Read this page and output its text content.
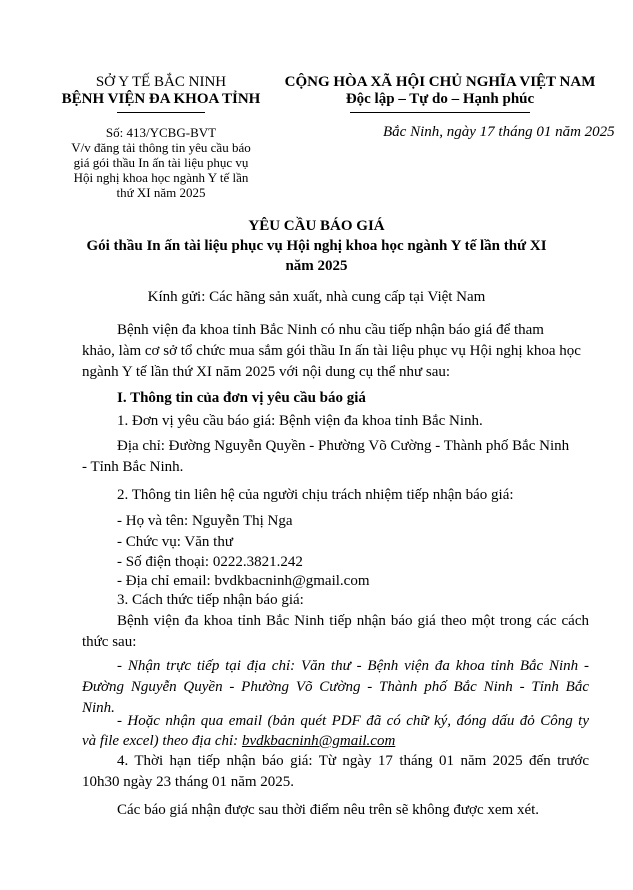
SỞ Y TẾ BẮC NINH
BỆNH VIỆN ĐA KHOA TỈNH
Số: 413/YCBG-BVT
V/v đăng tải thông tin yêu cầu báo
giá gói thầu In ấn tài liệu phục vụ
Hội nghị khoa học ngành Y tế lần
thứ XI năm 2025
CỘNG HÒA XÃ HỘI CHỦ NGHĨA VIỆT NAM
Độc lập – Tự do – Hạnh phúc
Bắc Ninh, ngày 17 tháng 01 năm 2025
YÊU CẦU BÁO GIÁ
Gói thầu In ấn tài liệu phục vụ Hội nghị khoa học ngành Y tế lần thứ XI
năm 2025
Kính gửi: Các hãng sản xuất, nhà cung cấp tại Việt Nam
Bệnh viện đa khoa tỉnh Bắc Ninh có nhu cầu tiếp nhận báo giá để tham
khảo, làm cơ sở tổ chức mua sắm gói thầu In ấn tài liệu phục vụ Hội nghị khoa học
ngành Y tế lần thứ XI năm 2025 với nội dung cụ thể như sau:
I. Thông tin của đơn vị yêu cầu báo giá
1. Đơn vị yêu cầu báo giá: Bệnh viện đa khoa tỉnh Bắc Ninh.
Địa chỉ: Đường Nguyễn Quyền - Phường Võ Cường - Thành phố Bắc Ninh
- Tỉnh Bắc Ninh.
2. Thông tin liên hệ của người chịu trách nhiệm tiếp nhận báo giá:
- Họ và tên: Nguyễn Thị Nga
- Chức vụ: Văn thư
- Số điện thoại: 0222.3821.242
- Địa chỉ email: bvdkbacninh@gmail.com
3. Cách thức tiếp nhận báo giá:
Bệnh viện đa khoa tỉnh Bắc Ninh tiếp nhận báo giá theo một trong các cách
thức sau:
- Nhận trực tiếp tại địa chỉ: Văn thư - Bệnh viện đa khoa tỉnh Bắc Ninh -
Đường Nguyễn Quyền - Phường Võ Cường - Thành phố Bắc Ninh - Tỉnh Bắc
Ninh.
- Hoặc nhận qua email (bản quét PDF đã có chữ ký, đóng dấu đỏ Công ty
và file excel) theo địa chỉ: bvdkbacninh@gmail.com
4. Thời hạn tiếp nhận báo giá: Từ ngày 17 tháng 01 năm 2025 đến trước
10h30 ngày 23 tháng 01 năm 2025.
Các báo giá nhận được sau thời điểm nêu trên sẽ không được xem xét.
